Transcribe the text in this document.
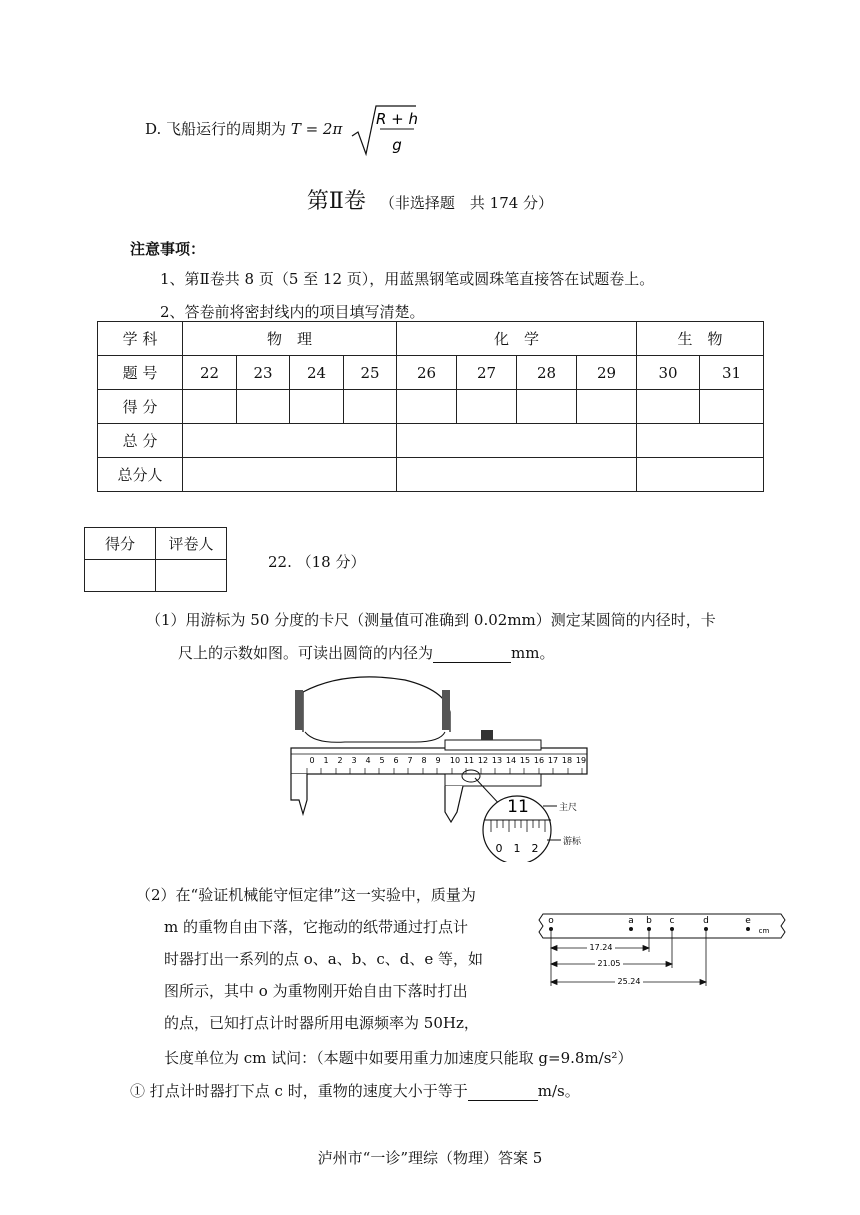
D. 飞船运行的周期为 T = 2π
R + h
g
第Ⅱ卷 （非选择题　共 174 分）
注意事项：
1、第Ⅱ卷共 8 页（5 至 12 页），用蓝黑钢笔或圆珠笔直接答在试题卷上。
2、答卷前将密封线内的项目填写清楚。
学 科	物　理				化　学				生　物	
题 号	22	23	24	25	26	27	28	29	30	31
得 分										
总 分										
总分人										
得分	评卷人

22. （18 分）
（1）用游标为 50 分度的卡尺（测量值可准确到 0.02mm）测定某圆筒的内径时，卡
尺上的示数如图。可读出圆筒的内径为	mm。
0 1 2 3 4 5 6 7 8 9 10 11 12 13 14 15 16 17 18 19
11
0 1 2
主尺
游标
（2）在“验证机械能守恒定律”这一实验中，质量为
m 的重物自由下落，它拖动的纸带通过打点计
时器打出一系列的点 o、a、b、c、d、e 等，如
图所示，其中 o 为重物刚开始自由下落时打出
的点，已知打点计时器所用电源频率为 50Hz，
o	a b c	d	e
cm
17.24
21.05
25.24
长度单位为 cm 试问：（本题中如要用重力加速度只能取 g=9.8m/s²）
① 打点计时器打下点 c 时，重物的速度大小于等于	m/s。
泸州市“一诊”理综（物理）答案 5
